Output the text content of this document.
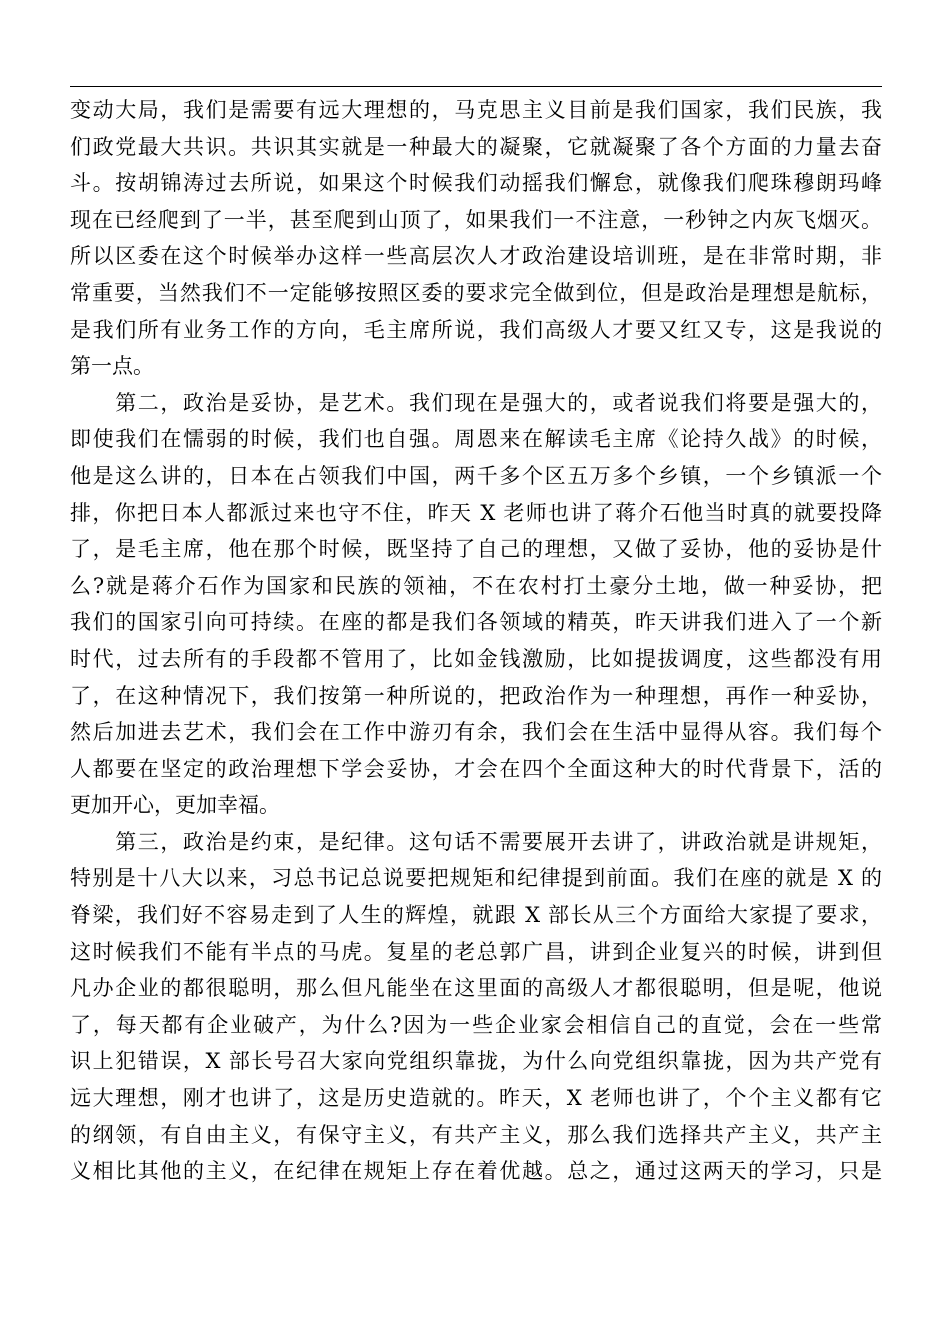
变动大局，我们是需要有远大理想的，马克思主义目前是我们国家，我们民族，我
们政党最大共识。共识其实就是一种最大的凝聚，它就凝聚了各个方面的力量去奋
斗。按胡锦涛过去所说，如果这个时候我们动摇我们懈怠，就像我们爬珠穆朗玛峰
现在已经爬到了一半，甚至爬到山顶了，如果我们一不注意，一秒钟之内灰飞烟灭。
所以区委在这个时候举办这样一些高层次人才政治建设培训班，是在非常时期，非
常重要，当然我们不一定能够按照区委的要求完全做到位，但是政治是理想是航标，
是我们所有业务工作的方向，毛主席所说，我们高级人才要又红又专，这是我说的
第一点。
　　第二，政治是妥协，是艺术。我们现在是强大的，或者说我们将要是强大的，
即使我们在懦弱的时候，我们也自强。周恩来在解读毛主席《论持久战》的时候，
他是这么讲的，日本在占领我们中国，两千多个区五万多个乡镇，一个乡镇派一个
排，你把日本人都派过来也守不住，昨天 X 老师也讲了蒋介石他当时真的就要投降
了，是毛主席，他在那个时候，既坚持了自己的理想，又做了妥协，他的妥协是什
么?就是蒋介石作为国家和民族的领袖，不在农村打土豪分土地，做一种妥协，把
我们的国家引向可持续。在座的都是我们各领域的精英，昨天讲我们进入了一个新
时代，过去所有的手段都不管用了，比如金钱激励，比如提拔调度，这些都没有用
了，在这种情况下，我们按第一种所说的，把政治作为一种理想，再作一种妥协，
然后加进去艺术，我们会在工作中游刃有余，我们会在生活中显得从容。我们每个
人都要在坚定的政治理想下学会妥协，才会在四个全面这种大的时代背景下，活的
更加开心，更加幸福。
　　第三，政治是约束，是纪律。这句话不需要展开去讲了，讲政治就是讲规矩，
特别是十八大以来，习总书记总说要把规矩和纪律提到前面。我们在座的就是 X 的
脊梁，我们好不容易走到了人生的辉煌，就跟 X 部长从三个方面给大家提了要求，
这时候我们不能有半点的马虎。复星的老总郭广昌，讲到企业复兴的时候，讲到但
凡办企业的都很聪明，那么但凡能坐在这里面的高级人才都很聪明，但是呢，他说
了，每天都有企业破产，为什么?因为一些企业家会相信自己的直觉，会在一些常
识上犯错误，X 部长号召大家向党组织靠拢，为什么向党组织靠拢，因为共产党有
远大理想，刚才也讲了，这是历史造就的。昨天，X 老师也讲了，个个主义都有它
的纲领，有自由主义，有保守主义，有共产主义，那么我们选择共产主义，共产主
义相比其他的主义，在纪律在规矩上存在着优越。总之，通过这两天的学习，只是
